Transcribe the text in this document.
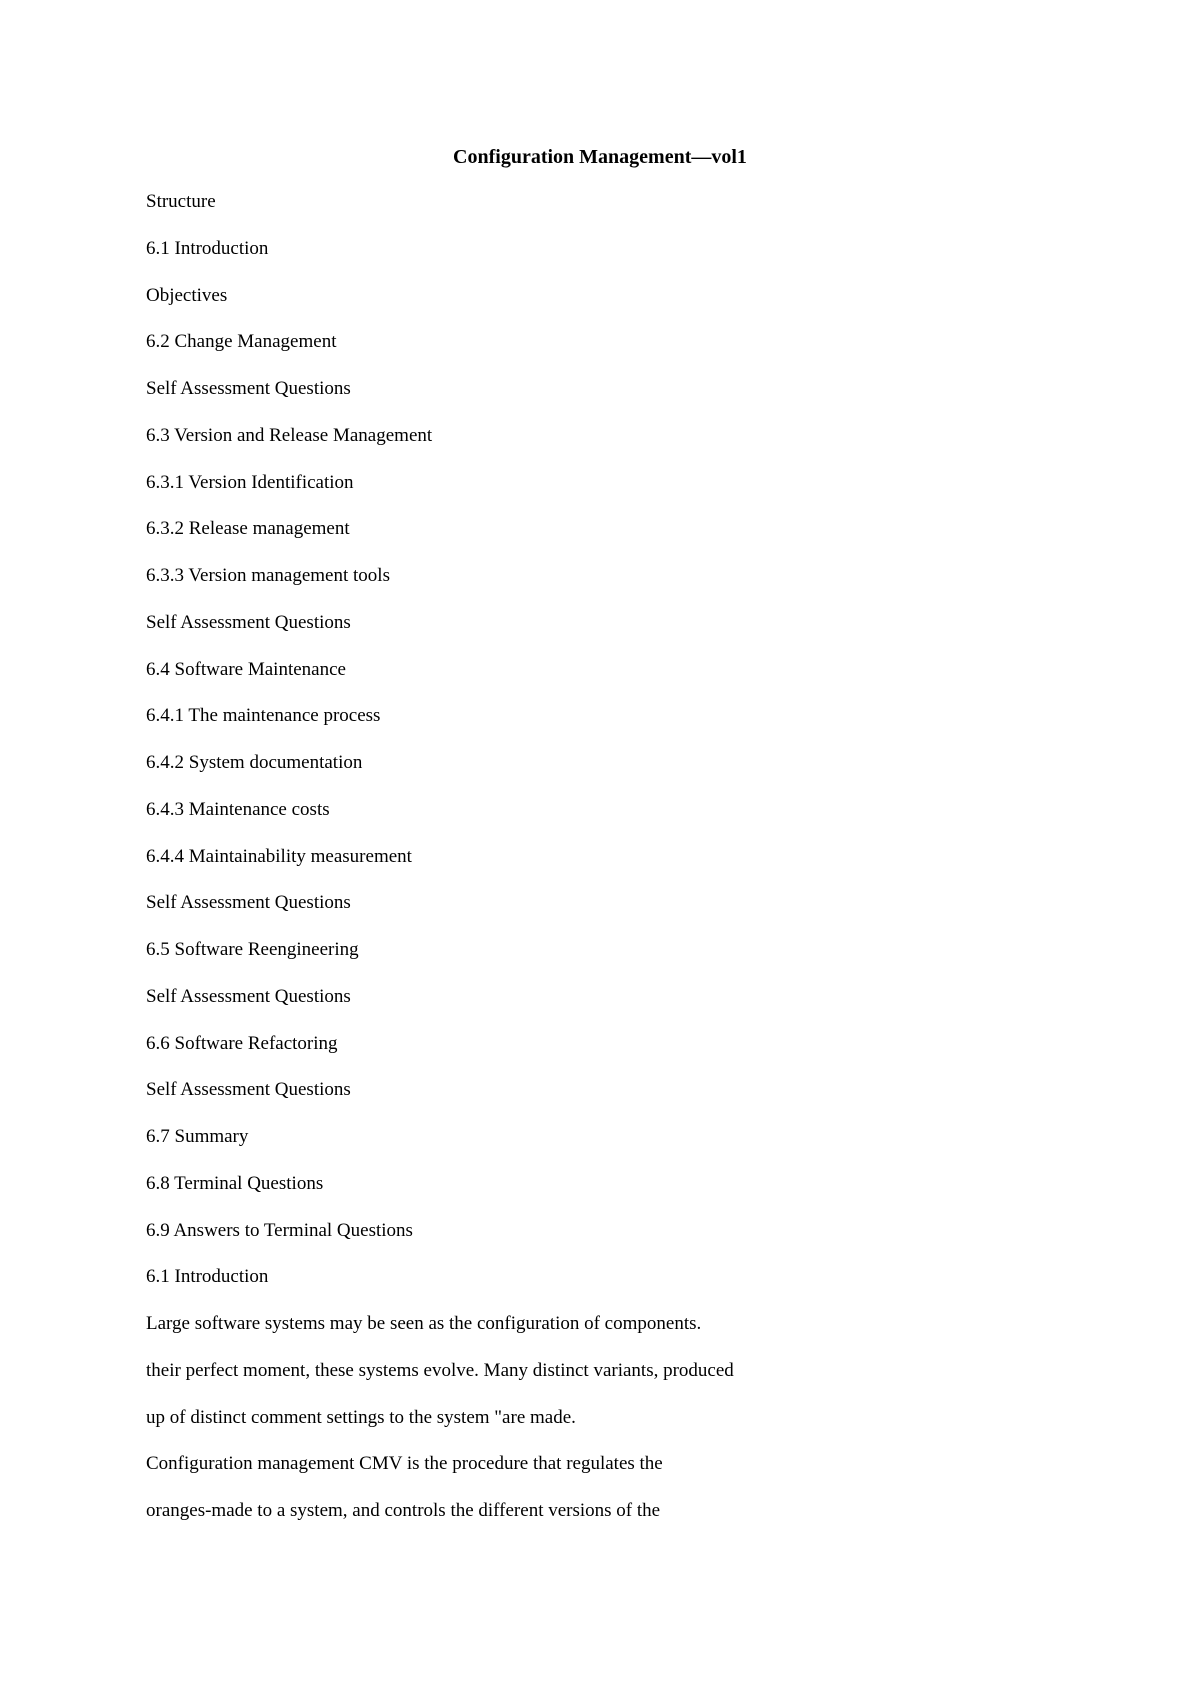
Configuration Management—vol1
Structure
6.1 Introduction
Objectives
6.2 Change Management
Self Assessment Questions
6.3 Version and Release Management
6.3.1 Version Identification
6.3.2 Release management
6.3.3 Version management tools
Self Assessment Questions
6.4 Software Maintenance
6.4.1 The maintenance process
6.4.2 System documentation
6.4.3 Maintenance costs
6.4.4 Maintainability measurement
Self Assessment Questions
6.5 Software Reengineering
Self Assessment Questions
6.6 Software Refactoring
Self Assessment Questions
6.7 Summary
6.8 Terminal Questions
6.9 Answers to Terminal Questions
6.1 Introduction
Large software systems may be seen as the configuration of components.
their perfect moment, these systems evolve. Many distinct variants, produced
up of distinct comment settings to the system "are made.
Configuration management CMV is the procedure that regulates the
oranges-made to a system, and controls the different versions of the
